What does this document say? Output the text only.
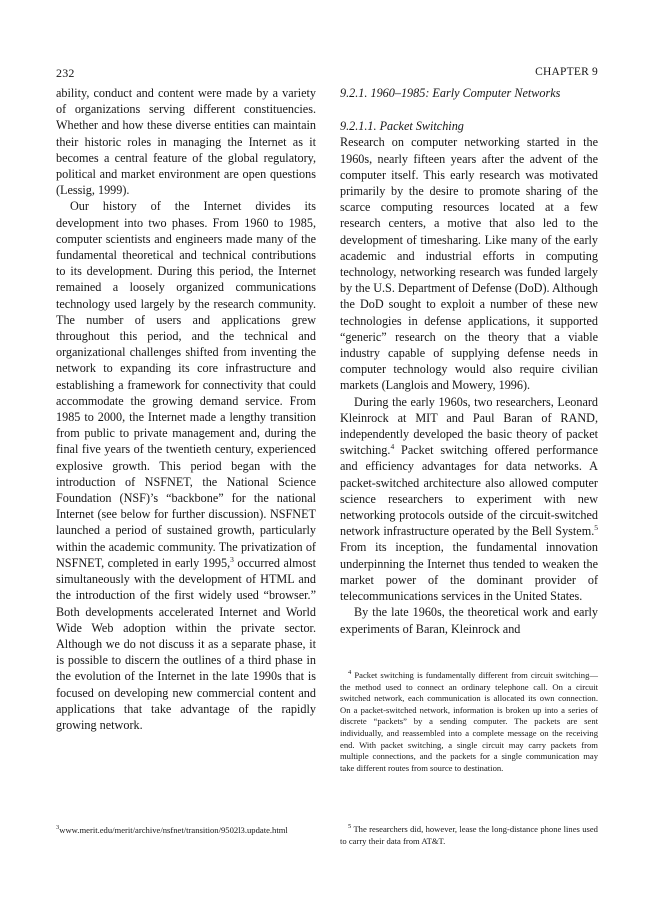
232	CHAPTER 9

ability, conduct and content were made by a variety of organizations serving different constituencies. Whether and how these diverse entities can maintain their historic roles in managing the Internet as it becomes a central feature of the global regulatory, political and market environment are open questions (Lessig, 1999).

Our history of the Internet divides its development into two phases. From 1960 to 1985, computer scientists and engineers made many of the fundamental theoretical and technical contributions to its development. During this period, the Internet remained a loosely organized communications technology used largely by the research community. The number of users and applications grew throughout this period, and the technical and organizational challenges shifted from inventing the network to expanding its core infrastructure and establishing a framework for connectivity that could accommodate the growing demand service. From 1985 to 2000, the Internet made a lengthy transition from public to private management and, during the final five years of the twentieth century, experienced explosive growth. This period began with the introduction of NSFNET, the National Science Foundation (NSF)’s “backbone” for the national Internet (see below for further discussion). NSFNET launched a period of sustained growth, particularly within the academic community. The privatization of NSFNET, completed in early 1995,$^3$ occurred almost simultaneously with the development of HTML and the introduction of the first widely used “browser.” Both developments accelerated Internet and World Wide Web adoption within the private sector. Although we do not discuss it as a separate phase, it is possible to discern the outlines of a third phase in the evolution of the Internet in the late 1990s that is focused on developing new commercial content and applications that take advantage of the rapidly growing network.

9.2.1. 1960–1985: Early Computer Networks

9.2.1.1. Packet Switching

Research on computer networking started in the 1960s, nearly fifteen years after the advent of the computer itself. This early research was motivated primarily by the desire to promote sharing of the scarce computing resources located at a few research centers, a motive that also led to the development of timesharing. Like many of the early academic and industrial efforts in computing technology, networking research was funded largely by the U.S. Department of Defense (DoD). Although the DoD sought to exploit a number of these new technologies in defense applications, it supported “generic” research on the theory that a viable industry capable of supplying defense needs in computer technology would also require civilian markets (Langlois and Mowery, 1996).

During the early 1960s, two researchers, Leonard Kleinrock at MIT and Paul Baran of RAND, independently developed the basic theory of packet switching.$^4$ Packet switching offered performance and efficiency advantages for data networks. A packet-switched architecture also allowed computer science researchers to experiment with new networking protocols outside of the circuit-switched network infrastructure operated by the Bell System.$^5$ From its inception, the fundamental innovation underpinning the Internet thus tended to weaken the market power of the dominant provider of telecommunications services in the United States.

By the late 1960s, the theoretical work and early experiments of Baran, Kleinrock and

$^4$ Packet switching is fundamentally different from circuit switching—the method used to connect an ordinary telephone call. On a circuit switched network, each communication is allocated its own connection. On a packet-switched network, information is broken up into a series of discrete “packets” by a sending computer. The packets are sent individually, and reassembled into a complete message on the receiving end. With packet switching, a single circuit may carry packets from multiple connections, and the packets for a single communication may take different routes from source to destination.

$^5$ The researchers did, however, lease the long-distance phone lines used to carry their data from AT&T.

$^3$www.merit.edu/merit/archive/nsfnet/transition/9502l3.update.html
